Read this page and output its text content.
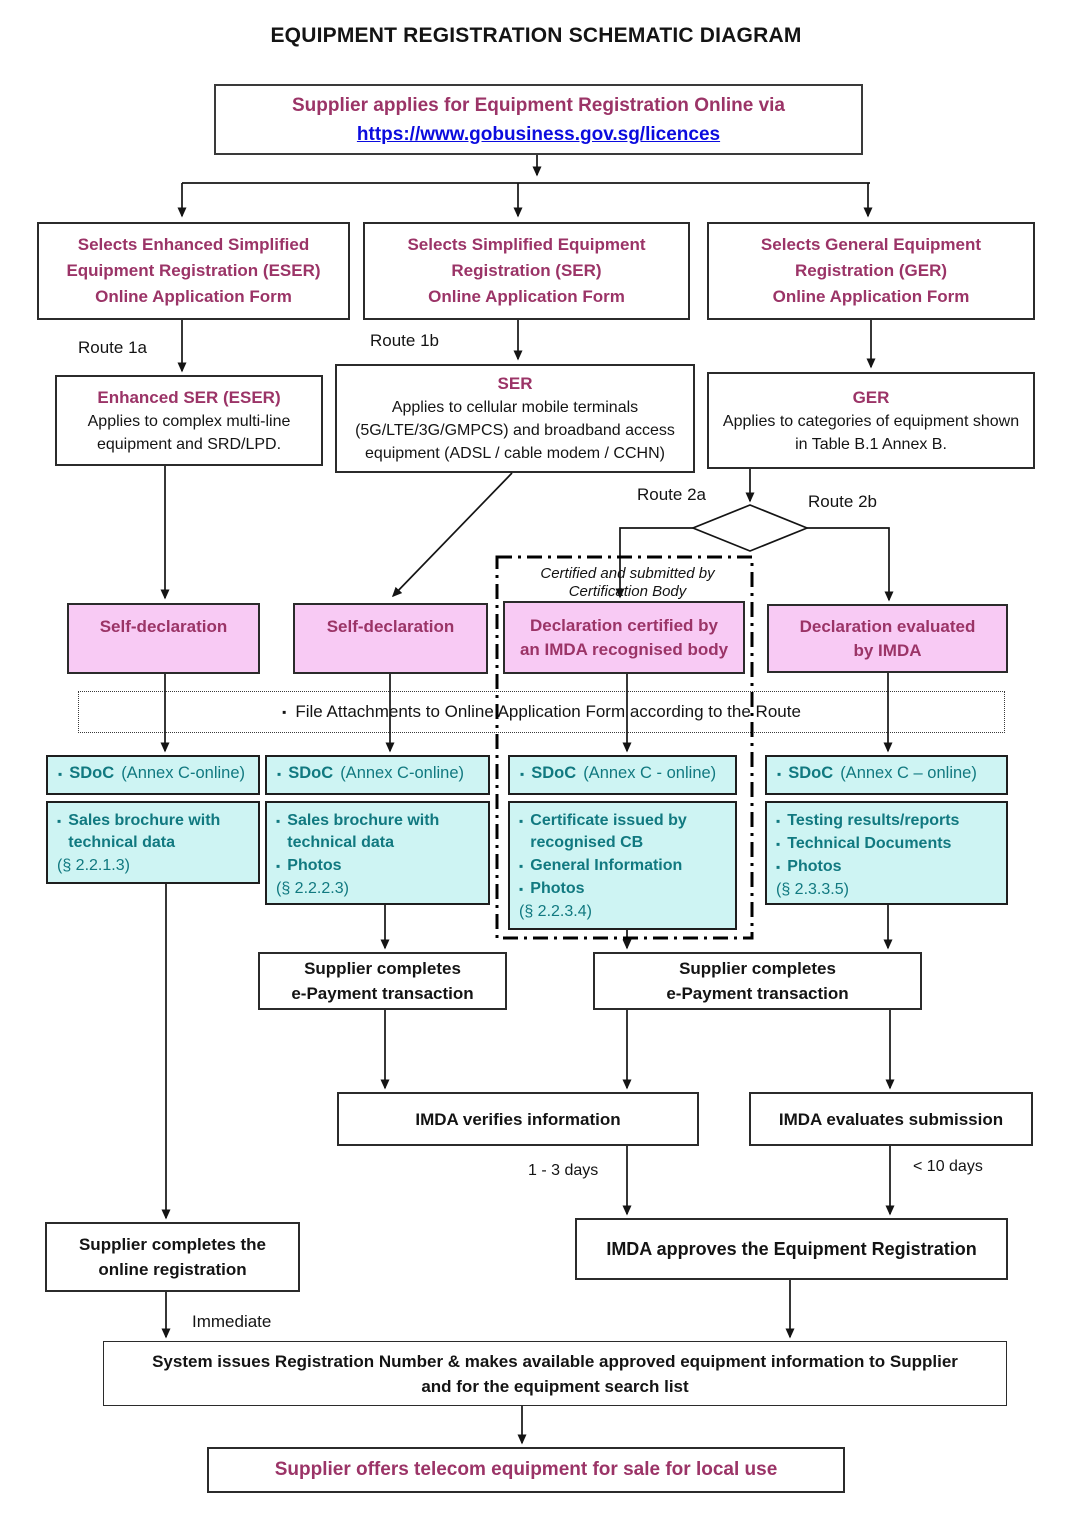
EQUIPMENT REGISTRATION SCHEMATIC DIAGRAM
Supplier applies for Equipment Registration Online via
https://www.gobusiness.gov.sg/licences
Selects Enhanced Simplified
Equipment Registration (ESER)
Online Application Form
Selects Simplified Equipment
Registration (SER)
Online Application Form
Selects General Equipment
Registration (GER)
Online Application Form
Route 1a	Route 1b
Route 2a	Route 2b
Enhanced SER (ESER)
Applies to complex multi-line equipment and SRD/LPD.
SER
Applies to cellular mobile terminals (5G/LTE/3G/GMPCS) and broadband access equipment (ADSL / cable modem / CCHN)
GER
Applies to categories of equipment shown in Table B.1 Annex B.
Certified and submitted by
Certification Body
Self-declaration	Self-declaration	Declaration certified by
an IMDA recognised body
Declaration evaluated
by IMDA
▪ File Attachments to Online Application Form according to the Route
▪ SDoC (Annex C-online)	▪ SDoC (Annex C-online)	▪ SDoC (Annex C - online)	▪ SDoC (Annex C – online)
▪ Sales brochure with technical data
(§ 2.2.1.3)
▪ Sales brochure with technical data
▪ Photos
(§ 2.2.2.3)
▪ Certificate issued by recognised CB
▪ General Information
▪ Photos
(§ 2.2.3.4)
▪ Testing results/reports
▪ Technical Documents
▪ Photos
(§ 2.3.3.5)
Supplier completes
e-Payment transaction
Supplier completes
e-Payment transaction
IMDA verifies information	IMDA evaluates submission
1 - 3 days	< 10 days
Supplier completes the
online registration
IMDA approves the Equipment Registration
Immediate
System issues Registration Number & makes available approved equipment information to Supplier
and for the equipment search list
Supplier offers telecom equipment for sale for local use
